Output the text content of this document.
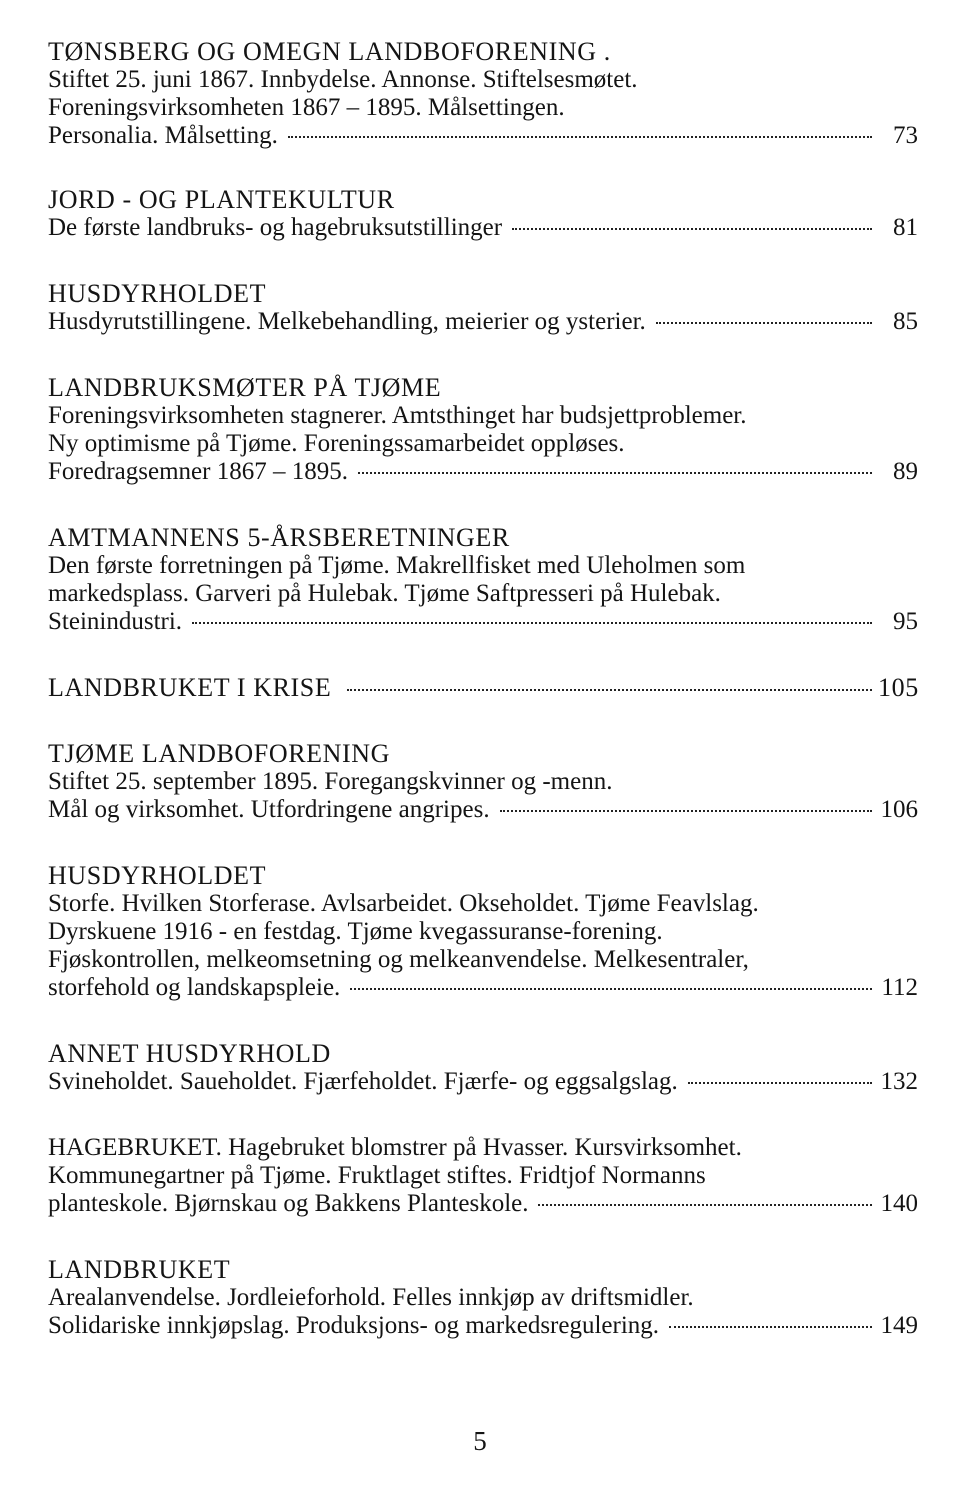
TØNSBERG OG OMEGN LANDBOFORENING .
Stiftet 25. juni 1867. Innbydelse. Annonse. Stiftelsesmøtet.
Foreningsvirksomheten 1867 – 1895. Målsettingen.
Personalia. Målsetting.	73
JORD - OG PLANTEKULTUR
De første landbruks- og hagebruksutstillinger	81
HUSDYRHOLDET
Husdyrutstillingene. Melkebehandling, meierier og ysterier.	85
LANDBRUKSMØTER PÅ TJØME
Foreningsvirksomheten stagnerer. Amtsthinget har budsjettproblemer.
Ny optimisme på Tjøme. Foreningssamarbeidet oppløses.
Foredragsemner 1867 – 1895.	89
AMTMANNENS 5-ÅRSBERETNINGER
Den første forretningen på Tjøme. Makrellfisket med Uleholmen som
markedsplass. Garveri på Hulebak. Tjøme Saftpresseri på Hulebak.
Steinindustri.	95
LANDBRUKET I KRISE	105
TJØME LANDBOFORENING
Stiftet 25. september 1895. Foregangskvinner og -menn.
Mål og virksomhet. Utfordringene angripes.	106
HUSDYRHOLDET
Storfe. Hvilken Storferase. Avlsarbeidet. Okseholdet. Tjøme Feavlslag.
Dyrskuene 1916 - en festdag. Tjøme kvegassuranse-forening.
Fjøskontrollen, melkeomsetning og melkeanvendelse. Melkesentraler,
storfehold og landskapspleie.	112
ANNET HUSDYRHOLD
Svineholdet. Saueholdet. Fjærfeholdet. Fjærfe- og eggsalgslag.	132
HAGEBRUKET. Hagebruket blomstrer på Hvasser. Kursvirksomhet.
Kommunegartner på Tjøme. Fruktlaget stiftes. Fridtjof Normanns
planteskole. Bjørnskau og Bakkens Planteskole.	140
LANDBRUKET
Arealanvendelse. Jordleieforhold. Felles innkjøp av driftsmidler.
Solidariske innkjøpslag. Produksjons- og markedsregulering.	149
5
